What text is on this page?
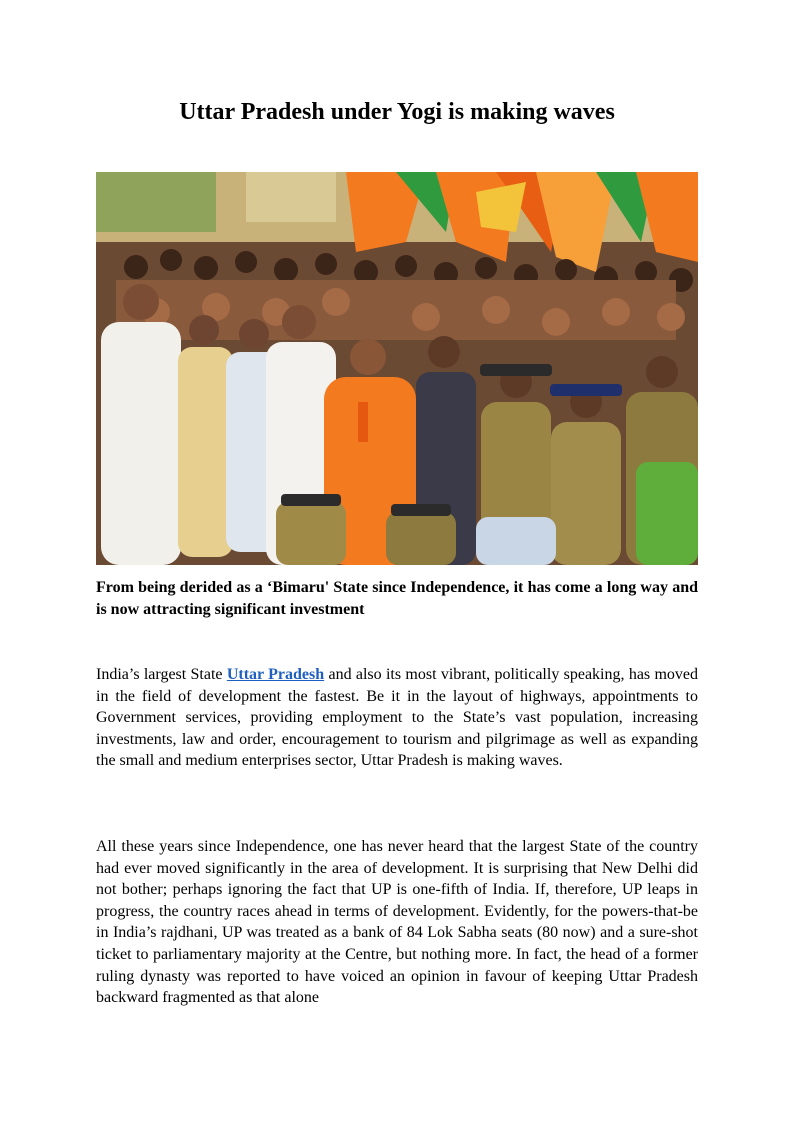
Uttar Pradesh under Yogi is making waves

From being derided as a ‘Bimaru' State since Independence, it has come a long way and is now attracting significant investment

India’s largest State Uttar Pradesh and also its most vibrant, politically speaking, has moved in the field of development the fastest. Be it in the layout of highways, appointments to Government services, providing employment to the State’s vast population, increasing investments, law and order, encouragement to tourism and pilgrimage as well as expanding the small and medium enterprises sector, Uttar Pradesh is making waves.

All these years since Independence, one has never heard that the largest State of the country had ever moved significantly in the area of development. It is surprising that New Delhi did not bother; perhaps ignoring the fact that UP is one-fifth of India. If, therefore, UP leaps in progress, the country races ahead in terms of development. Evidently, for the powers-that-be in India’s rajdhani, UP was treated as a bank of 84 Lok Sabha seats (80 now) and a sure-shot ticket to parliamentary majority at the Centre, but nothing more. In fact, the head of a former ruling dynasty was reported to have voiced an opinion in favour of keeping Uttar Pradesh backward fragmented as that alone
